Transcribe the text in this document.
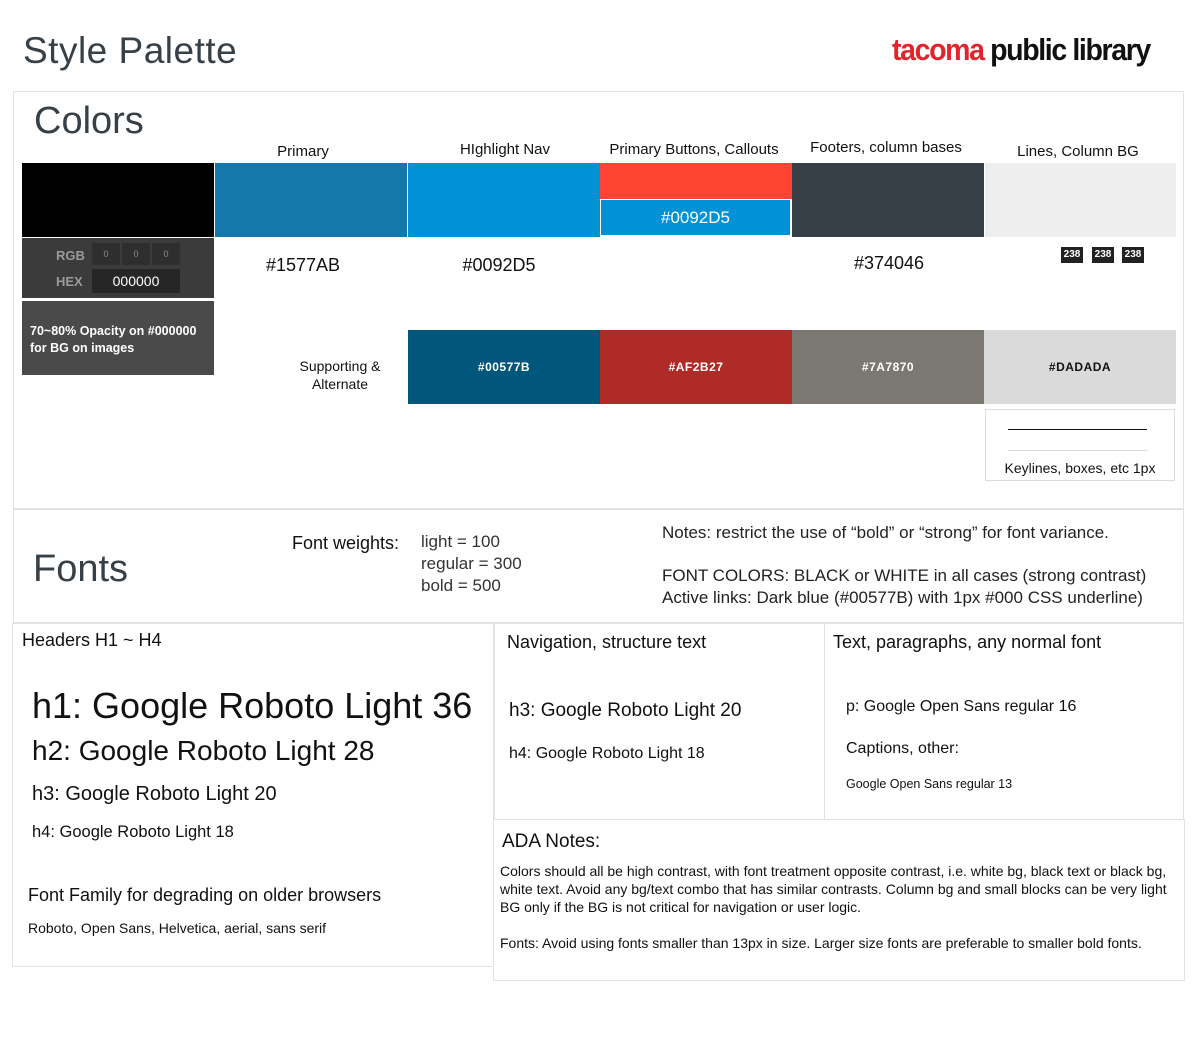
Style Palette	tacoma public library
Colors
Primary	HIghlight Nav	Primary Buttons, Callouts	Footers, column bases	Lines, Column BG
#0092D5
RGB	0	0	0
HEX	000000
70~80% Opacity on #000000 for BG on images
#1577AB	#0092D5	#374046	238 238 238
Supporting & Alternate
#00577B	#AF2B27	#7A7870	#DADADA
Keylines, boxes, etc 1px
Fonts
Font weights: light = 100
regular = 300
bold = 500
Notes: restrict the use of “bold” or “strong” for font variance.
FONT COLORS: BLACK or WHITE in all cases (strong contrast)
Active links: Dark blue (#00577B) with 1px #000 CSS underline)
Headers H1 ~ H4
h1: Google Roboto Light 36
h2: Google Roboto Light 28
h3: Google Roboto Light 20
h4: Google Roboto Light 18
Font Family for degrading on older browsers
Roboto, Open Sans, Helvetica, aerial, sans serif
Navigation, structure text
h3: Google Roboto Light 20
h4: Google Roboto Light 18
Text, paragraphs, any normal font
p: Google Open Sans regular 16
Captions, other:
Google Open Sans regular 13
ADA Notes:
Colors should all be high contrast, with font treatment opposite contrast, i.e. white bg, black text or black bg, white text. Avoid any bg/text combo that has similar contrasts. Column bg and small blocks can be very light BG only if the BG is not critical for navigation or user logic.
Fonts: Avoid using fonts smaller than 13px in size. Larger size fonts are preferable to smaller bold fonts.
